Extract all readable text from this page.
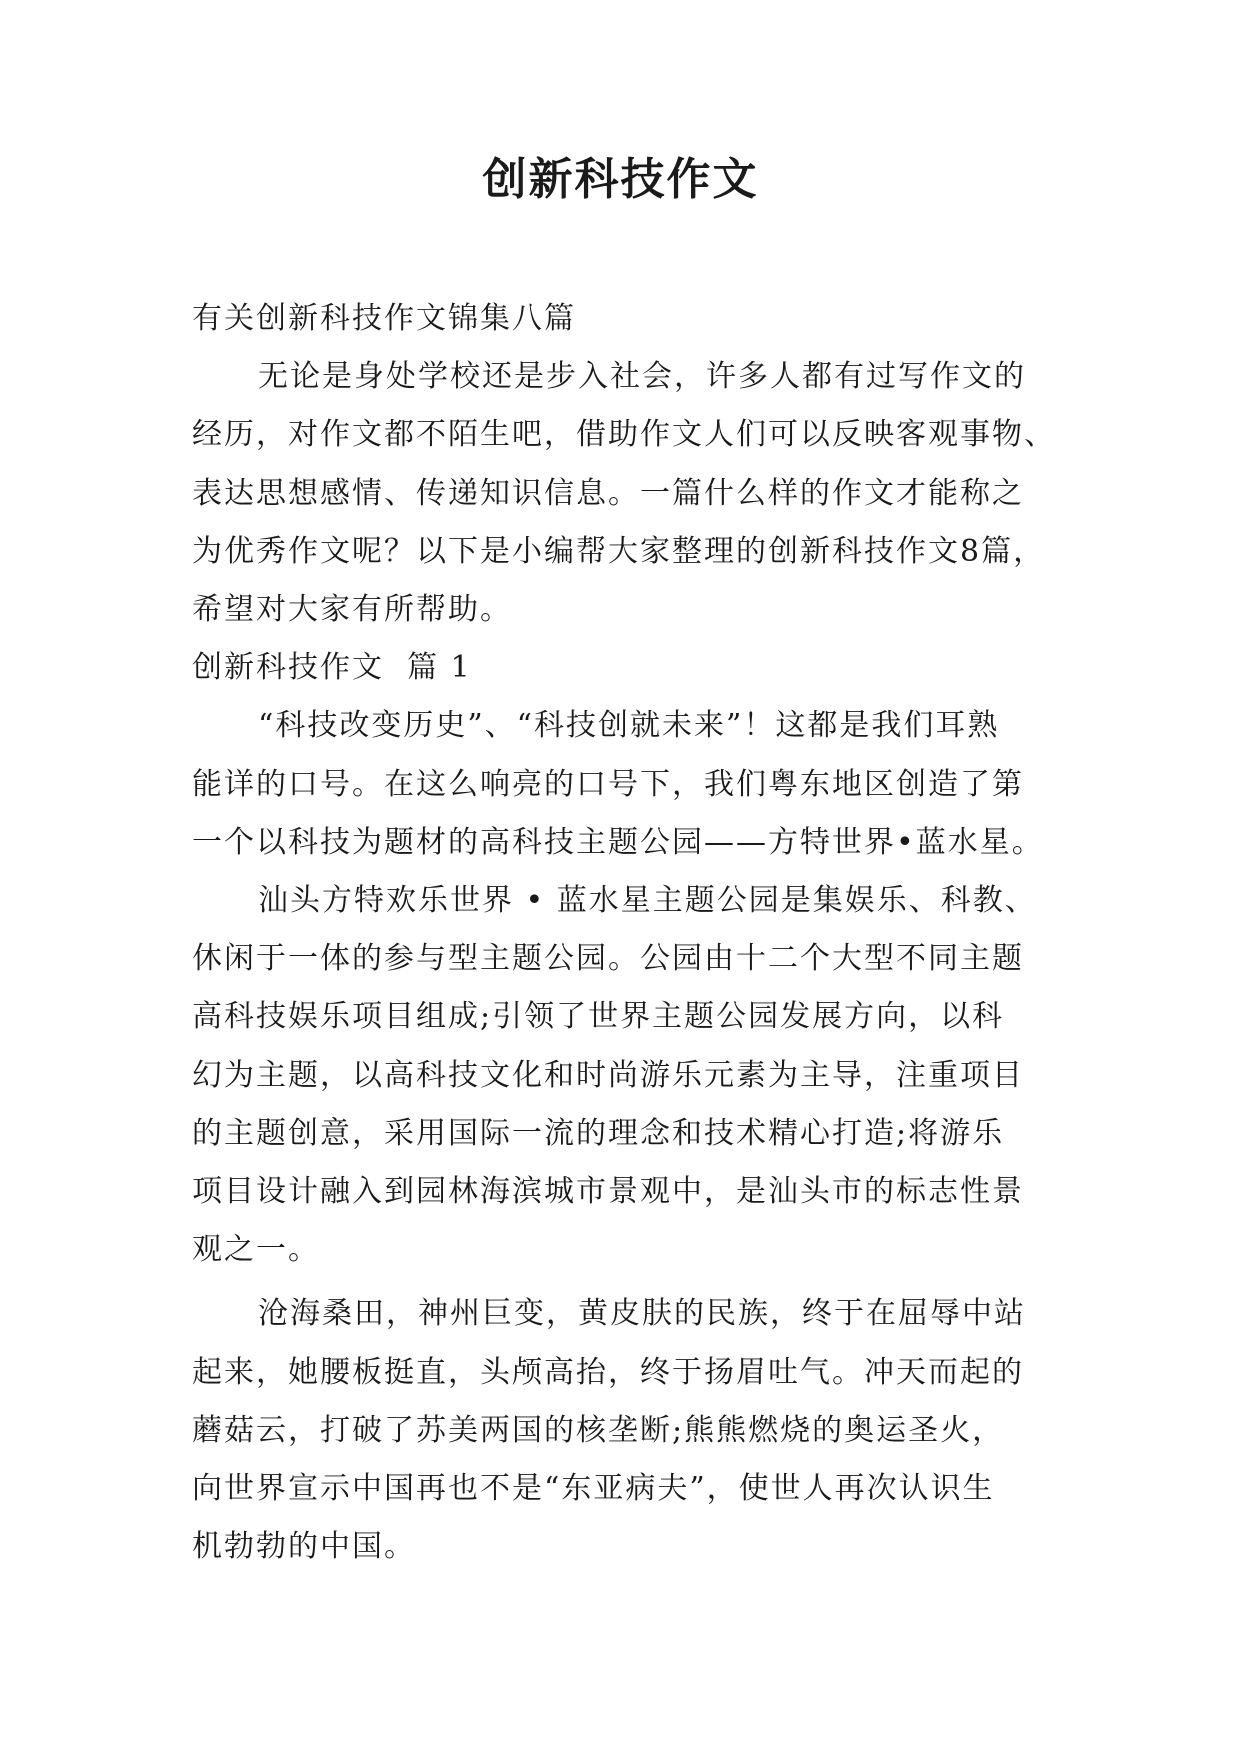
创新科技作文

有关创新科技作文锦集八篇

无论是身处学校还是步入社会，许多人都有过写作文的

经历，对作文都不陌生吧，借助作文人们可以反映客观事物、

表达思想感情、传递知识信息。一篇什么样的作文才能称之

为优秀作文呢？以下是小编帮大家整理的创新科技作文8篇，

希望对大家有所帮助。

创新科技作文  篇 1

“科技改变历史”、“科技创就未来”！这都是我们耳熟

能详的口号。在这么响亮的口号下，我们粤东地区创造了第

一个以科技为题材的高科技主题公园——方特世界•蓝水星。

汕头方特欢乐世界 • 蓝水星主题公园是集娱乐、科教、

休闲于一体的参与型主题公园。公园由十二个大型不同主题

高科技娱乐项目组成;引领了世界主题公园发展方向，以科

幻为主题，以高科技文化和时尚游乐元素为主导，注重项目

的主题创意，采用国际一流的理念和技术精心打造;将游乐

项目设计融入到园林海滨城市景观中，是汕头市的标志性景

观之一。

沧海桑田，神州巨变，黄皮肤的民族，终于在屈辱中站

起来，她腰板挺直，头颅高抬，终于扬眉吐气。冲天而起的

蘑菇云，打破了苏美两国的核垄断;熊熊燃烧的奥运圣火，

向世界宣示中国再也不是“东亚病夫”，使世人再次认识生

机勃勃的中国。
